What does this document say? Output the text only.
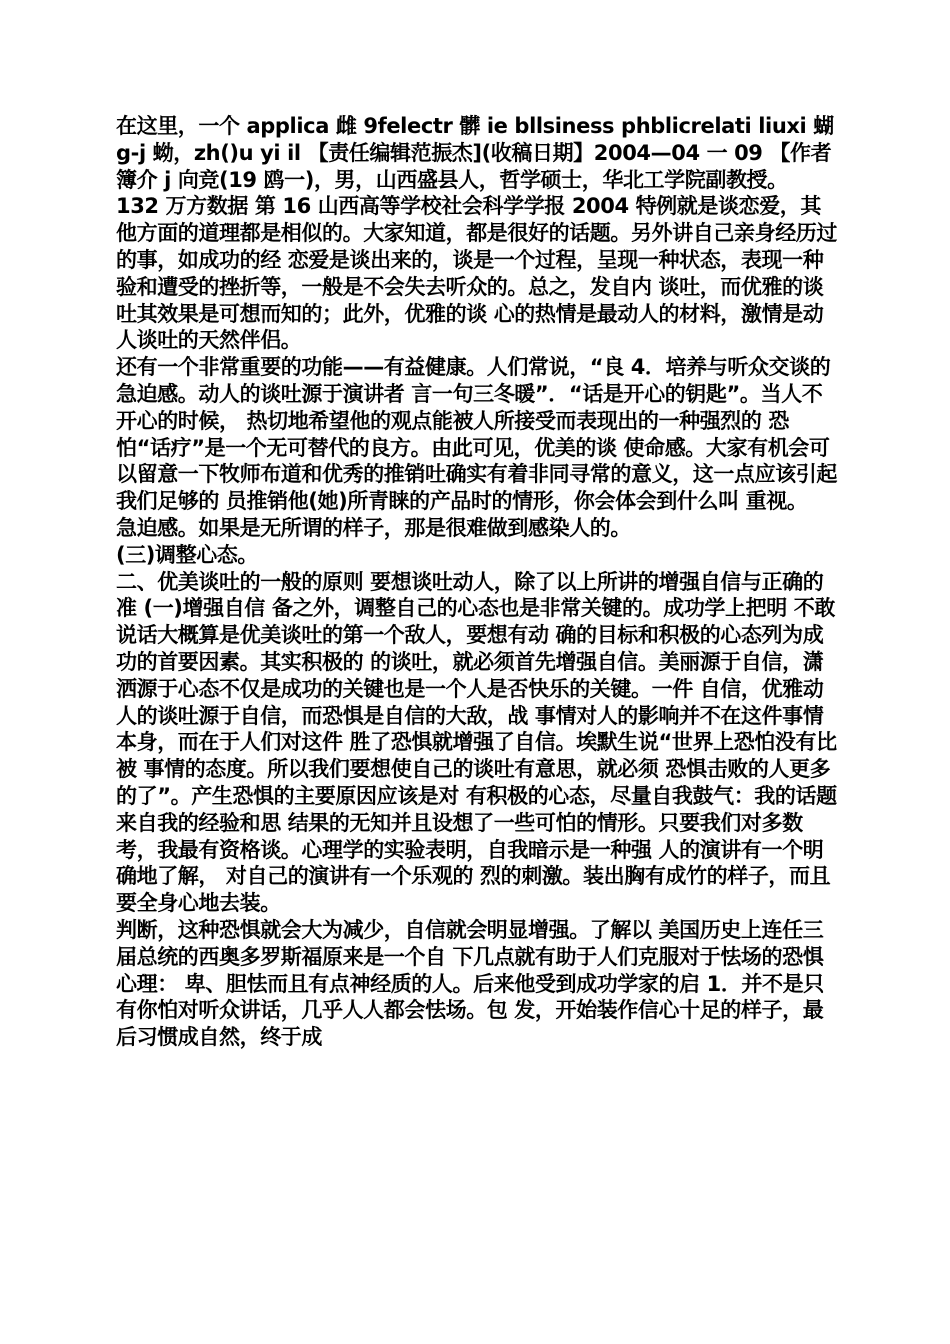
在这里，一个 applica 雌 9felectr 髒 ie bllsiness phblicrelati liuxi 蝴 g-j 蚴，zh()u yi il 【责任编辑范振杰](收稿日期】2004—04 一 09 【作者簿介 j 向竞(19 鸥一)，男，山西盛县人，哲学硕士，华北工学院副教授。

132 万方数据 第 16 山西高等学校社会科学学报 2004 特例就是谈恋爱，其他方面的道理都是相似的。大家知道，都是很好的话题。另外讲自己亲身经历过的事，如成功的经 恋爱是谈出来的，谈是一个过程，呈现一种状态，表现一种 验和遭受的挫折等，一般是不会失去听众的。总之，发自内 谈吐，而优雅的谈吐其效果是可想而知的；此外，优雅的谈 心的热情是最动人的材料，激情是动人谈吐的天然伴侣。

还有一个非常重要的功能——有益健康。人们常说，“良 4．培养与听众交谈的急迫感。动人的谈吐源于演讲者 言一句三冬暖”．“话是开心的钥匙”。当人不开心的时候， 热切地希望他的观点能被人所接受而表现出的一种强烈的 恐怕“话疗”是一个无可替代的良方。由此可见，优美的谈 使命感。大家有机会可以留意一下牧师布道和优秀的推销吐确实有着非同寻常的意义，这一点应该引起我们足够的 员推销他(她)所青睐的产品时的情形，你会体会到什么叫 重视。

急迫感。如果是无所谓的样子，那是很难做到感染人的。

(三)调整心态。

二、优美谈吐的一般的原则 要想谈吐动人，除了以上所讲的增强自信与正确的准 (一)增强自信 备之外，调整自己的心态也是非常关键的。成功学上把明 不敢说话大概算是优美谈吐的第一个敌人，要想有动 确的目标和积极的心态列为成功的首要因素。其实积极的 的谈吐，就必须首先增强自信。美丽源于自信，潇洒源于心态不仅是成功的关键也是一个人是否快乐的关键。一件 自信，优雅动人的谈吐源于自信，而恐惧是自信的大敌，战 事情对人的影响并不在这件事情本身，而在于人们对这件 胜了恐惧就增强了自信。埃默生说“世界上恐怕没有比被 事情的态度。所以我们要想使自己的谈吐有意思，就必须 恐惧击败的人更多的了”。产生恐惧的主要原因应该是对 有积极的心态，尽量自我鼓气：我的话题来自我的经验和思 结果的无知并且设想了一些可怕的情形。只要我们对多数 考，我最有资格谈。心理学的实验表明，自我暗示是一种强 人的演讲有一个明确地了解， 对自己的演讲有一个乐观的 烈的刺激。装出胸有成竹的样子，而且要全身心地去装。

判断，这种恐惧就会大为减少，自信就会明显增强。了解以 美国历史上连任三届总统的西奥多罗斯福原来是一个自 下几点就有助于人们克服对于怯场的恐惧心理： 卑、胆怯而且有点神经质的人。后来他受到成功学家的启 1．并不是只有你怕对听众讲话，几乎人人都会怯场。包 发，开始装作信心十足的样子，最后习惯成自然，终于成
